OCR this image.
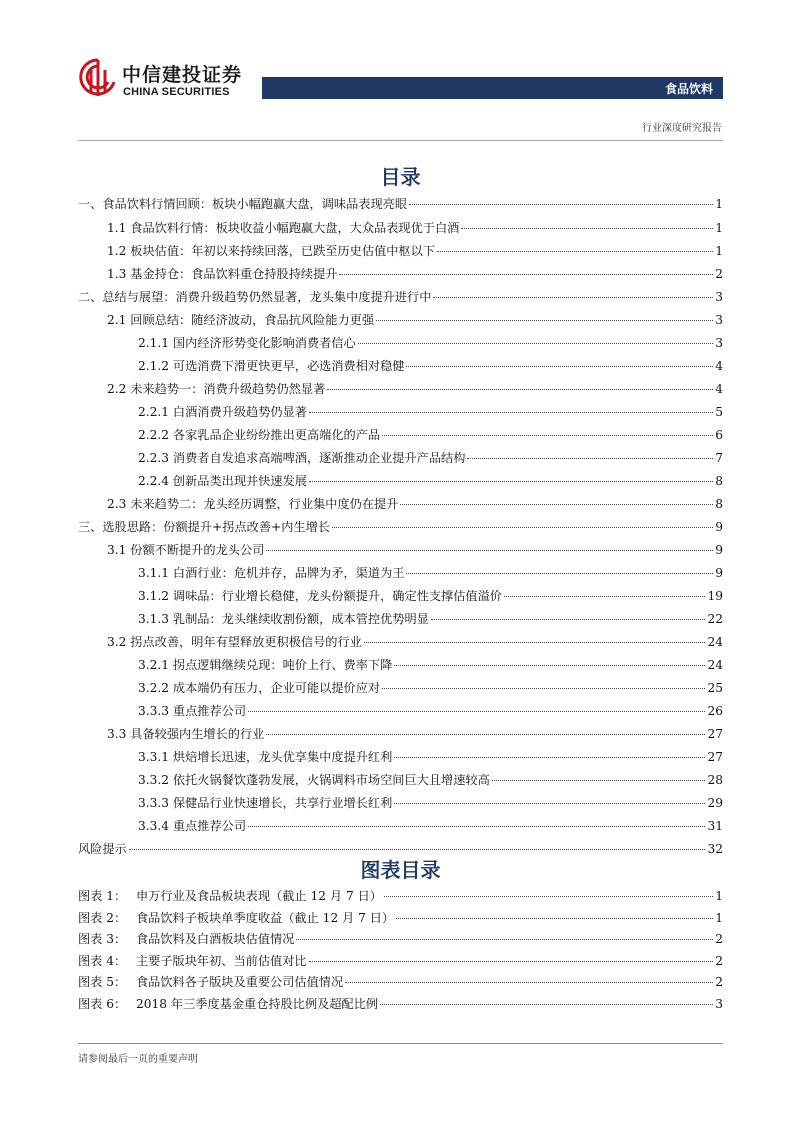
中信建投证券
CHINA SECURITIES	食品饮料
行业深度研究报告
目录
一、 食品饮料行情回顾：板块小幅跑赢大盘，调味品表现亮眼	1
1.1 食品饮料行情：板块收益小幅跑赢大盘，大众品表现优于白酒	1
1.2 板块估值：年初以来持续回落，已跌至历史估值中枢以下	1
1.3 基金持仓：食品饮料重仓持股持续提升	2
二、 总结与展望：消费升级趋势仍然显著，龙头集中度提升进行中	3
2.1 回顾总结：随经济波动，食品抗风险能力更强	3
2.1.1 国内经济形势变化影响消费者信心	3
2.1.2 可选消费下滑更快更早，必选消费相对稳健	4
2.2 未来趋势一：消费升级趋势仍然显著	4
2.2.1 白酒消费升级趋势仍显著	5
2.2.2 各家乳品企业纷纷推出更高端化的产品	6
2.2.3 消费者自发追求高端啤酒，逐渐推动企业提升产品结构	7
2.2.4 创新品类出现并快速发展	8
2.3 未来趋势二：龙头经历调整，行业集中度仍在提升	8
三、 选股思路：份额提升+拐点改善+内生增长	9
3.1 份额不断提升的龙头公司	9
3.1.1 白酒行业：危机并存，品牌为矛，渠道为王	9
3.1.2 调味品：行业增长稳健，龙头份额提升，确定性支撑估值溢价	19
3.1.3 乳制品：龙头继续收割份额，成本管控优势明显	22
3.2 拐点改善，明年有望释放更积极信号的行业	24
3.2.1 拐点逻辑继续兑现：吨价上行、费率下降	24
3.2.2 成本端仍有压力，企业可能以提价应对	25
3.3.3 重点推荐公司	26
3.3 具备较强内生增长的行业	27
3.3.1 烘焙增长迅速，龙头优享集中度提升红利	27
3.3.2 依托火锅餐饮蓬勃发展，火锅调料市场空间巨大且增速较高	28
3.3.3 保健品行业快速增长，共享行业增长红利	29
3.3.4 重点推荐公司	31
风险提示	32
图表目录
图表 1： 申万行业及食品板块表现（截止 12 月 7 日）	1
图表 2： 食品饮料子板块单季度收益（截止 12 月 7 日）	1
图表 3： 食品饮料及白酒板块估值情况	2
图表 4： 主要子版块年初、当前估值对比	2
图表 5： 食品饮料各子版块及重要公司估值情况	2
图表 6： 2018 年三季度基金重仓持股比例及超配比例	3
请参阅最后一页的重要声明
